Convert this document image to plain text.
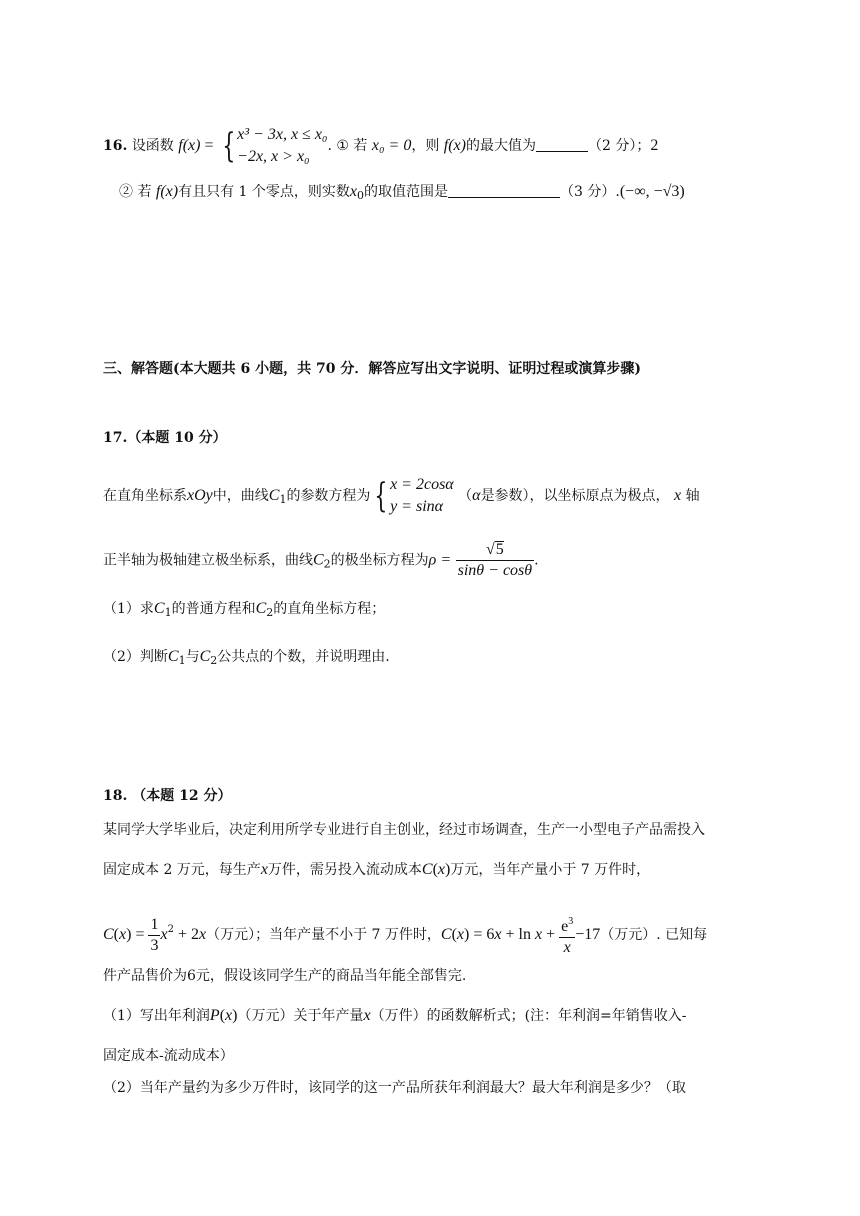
16. 设函数 f(x) = { x³ − 3x, x ≤ x₀
−2x, x > x₀
. ① 若 x₀ = 0，则 f(x)的最大值为	（2 分）；2
② 若 f(x)有且只有 1 个零点，则实数$x_0$的取值范围是	（3 分）.(−∞, −√3)
三、解答题(本大题共 6 小题，共 70 分．解答应写出文字说明、证明过程或演算步骤)
17.（本题 10 分）
在直角坐标系xOy中，曲线$C_1$的参数方程为 { x = 2cosα
y = sinα
（α是参数），以坐标原点为极点， x 轴
正半轴为极轴建立极坐标系，曲线$C_2$的极坐标方程为$\rho = \frac{√5}{\sin\theta - \cos\theta}$ .
（1）求$C_1$的普通方程和$C_2$的直角坐标方程；
（2）判断$C_1$与$C_2$公共点的个数，并说明理由.
18. （本题 12 分）
某同学大学毕业后，决定利用所学专业进行自主创业，经过市场调查，生产一小型电子产品需投入
固定成本 2 万元，每生产x万件，需另投入流动成本C(x)万元，当年产量小于 7 万件时，
$C(x) = \frac{1}{3} x^2 + 2x$（万元）；当年产量不小于 7 万件时，$C(x) = 6x + \ln x + \frac{e^3}{x} -17$（万元）. 已知每
件产品售价为6元，假设该同学生产的商品当年能全部售完.
（1）写出年利润P(x)（万元）关于年产量x（万件）的函数解析式；(注：年利润=年销售收入-
固定成本-流动成本）
（2）当年产量约为多少万件时，该同学的这一产品所获年利润最大？最大年利润是多少？（取
